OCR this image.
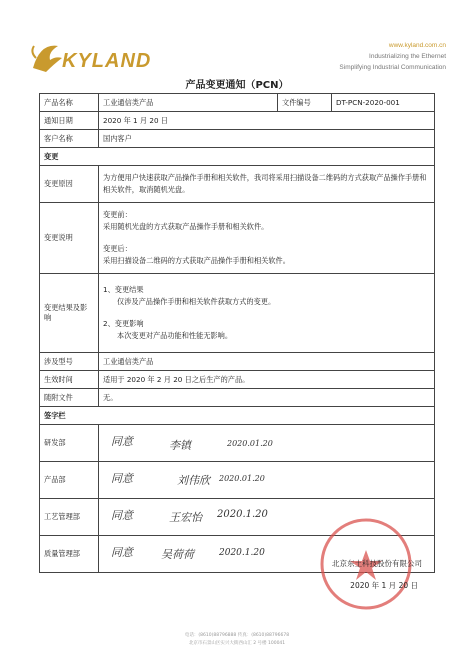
KYLAND
www.kyland.com.cn
Industrializing the Ethernet
Simplifying Industrial Communication
产品变更通知（PCN）
产品名称	工业通信类产品	文件编号	DT-PCN-2020-001
通知日期	2020 年 1 月 20 日		
客户名称	国内客户		
变更			
变更原因	为方便用户快速获取产品操作手册和相关软件，我司将采用扫描设备二维码的方式获取产品操作手册和相关软件，取消随机光盘。		
变更说明	变更前：
采用随机光盘的方式获取产品操作手册和相关软件。
变更后：
采用扫描设备二维码的方式获取产品操作手册和相关软件。		

变更结果及影响	1、变更结果
仅涉及产品操作手册和相关软件获取方式的变更。
2、变更影响
本次变更对产品功能和性能无影响。		

涉及型号	工业通信类产品		
生效时间	适用于 2020 年 2 月 20 日之后生产的产品。		
随附文件	无。		
签字栏			
研发部	同意 李镇 2020.01.20		

产品部	同意 刘伟欣 2020.01.20		

工艺管理部	同意 王宏怡 2020.1.20		

质量管理部	同意 吴荷荷 2020.1.20		
北京东土科技股份有限公司
2020 年 1 月 20 日
电话：(8610)88796888 传真：(8610)88796678
北京市石景山区实兴大街西山汇 2 号楼 100041
